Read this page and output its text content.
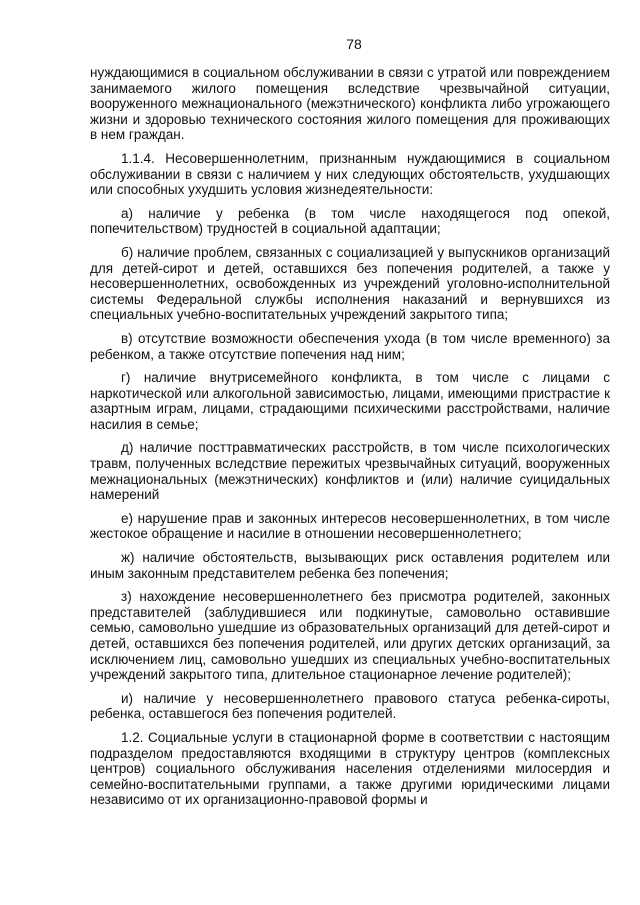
78

нуждающимися в социальном обслуживании в связи с утратой или повреждением занимаемого жилого помещения вследствие чрезвычайной ситуации, вооруженного межнационального (межэтнического) конфликта либо угрожающего жизни и здоровью технического состояния жилого помещения для проживающих в нем граждан.

1.1.4. Несовершеннолетним, признанным нуждающимися в социальном обслуживании в связи с наличием у них следующих обстоятельств, ухудшающих или способных ухудшить условия жизнедеятельности:

а) наличие у ребенка (в том числе находящегося под опекой, попечительством) трудностей в социальной адаптации;

б) наличие проблем, связанных с социализацией у выпускников организаций для детей-сирот и детей, оставшихся без попечения родителей, а также у несовершеннолетних, освобожденных из учреждений уголовно-исполнительной системы Федеральной службы исполнения наказаний и вернувшихся из специальных учебно-воспитательных учреждений закрытого типа;

в) отсутствие возможности обеспечения ухода (в том числе временного) за ребенком, а также отсутствие попечения над ним;

г) наличие внутрисемейного конфликта, в том числе с лицами с наркотической или алкогольной зависимостью, лицами, имеющими пристрастие к азартным играм, лицами, страдающими психическими расстройствами, наличие насилия в семье;

д) наличие посттравматических расстройств, в том числе психологических травм, полученных вследствие пережитых чрезвычайных ситуаций, вооруженных межнациональных (межэтнических) конфликтов и (или) наличие суицидальных намерений

е) нарушение прав и законных интересов несовершеннолетних, в том числе жестокое обращение и насилие в отношении несовершеннолетнего;

ж) наличие обстоятельств, вызывающих риск оставления родителем или иным законным представителем ребенка без попечения;

з) нахождение несовершеннолетнего без присмотра родителей, законных представителей (заблудившиеся или подкинутые, самовольно оставившие семью, самовольно ушедшие из образовательных организаций для детей-сирот и детей, оставшихся без попечения родителей, или других детских организаций, за исключением лиц, самовольно ушедших из специальных учебно-воспитательных учреждений закрытого типа, длительное стационарное лечение родителей);

и) наличие у несовершеннолетнего правового статуса ребенка-сироты, ребенка, оставшегося без попечения родителей.

1.2. Социальные услуги в стационарной форме в соответствии с настоящим подразделом предоставляются входящими в структуру центров (комплексных центров) социального обслуживания населения отделениями милосердия и семейно-воспитательными группами, а также другими юридическими лицами независимо от их организационно-правовой формы и
